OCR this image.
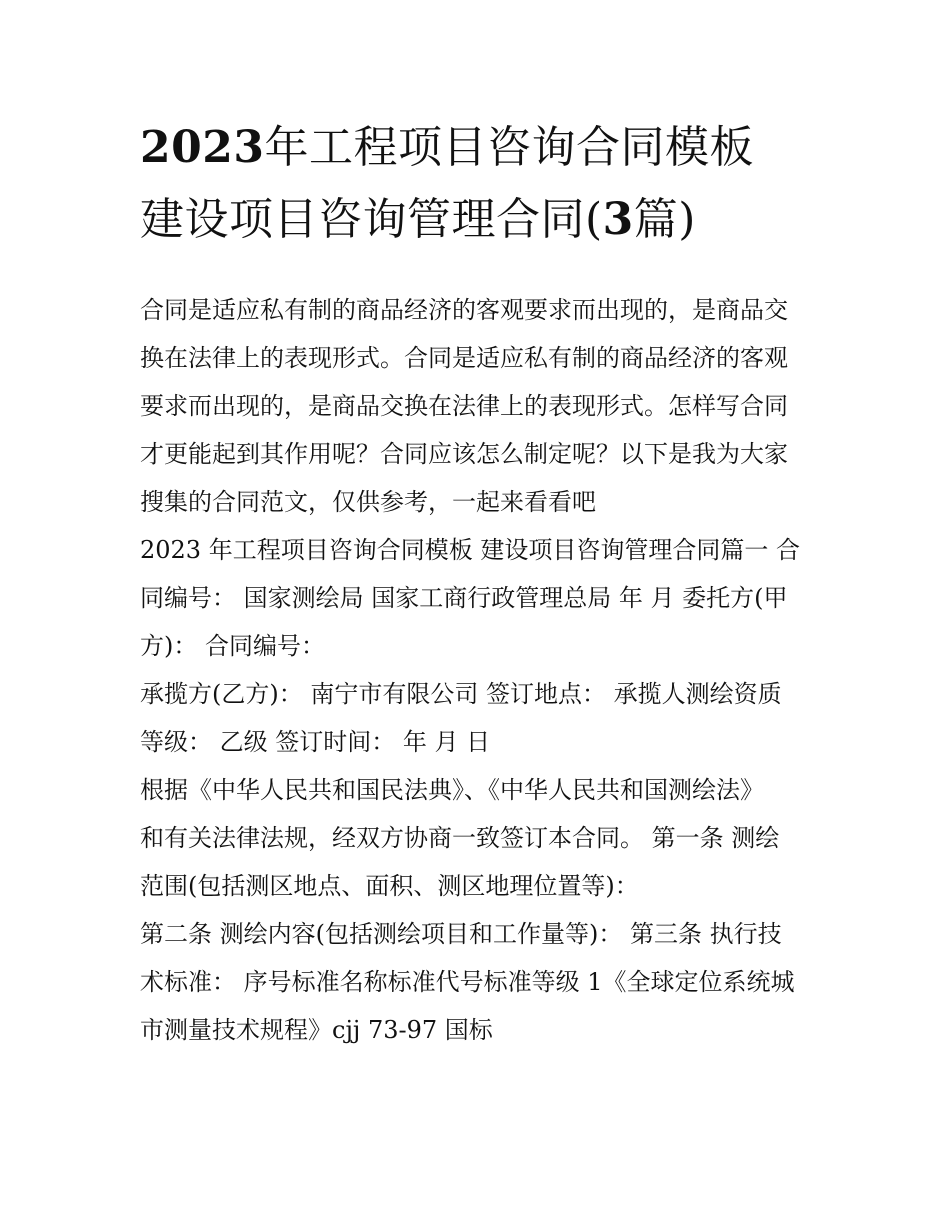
2023年工程项目咨询合同模板
建设项目咨询管理合同(3篇)
合同是适应私有制的商品经济的客观要求而出现的，是商品交
换在法律上的表现形式。合同是适应私有制的商品经济的客观
要求而出现的，是商品交换在法律上的表现形式。怎样写合同
才更能起到其作用呢？合同应该怎么制定呢？以下是我为大家
搜集的合同范文，仅供参考，一起来看看吧
2023 年工程项目咨询合同模板 建设项目咨询管理合同篇一 合
同编号： 国家测绘局 国家工商行政管理总局 年 月 委托方(甲
方)： 合同编号：
承揽方(乙方)： 南宁市有限公司 签订地点： 承揽人测绘资质
等级： 乙级 签订时间： 年 月 日
根据《中华人民共和国民法典》、《中华人民共和国测绘法》
和有关法律法规，经双方协商一致签订本合同。 第一条 测绘
范围(包括测区地点、面积、测区地理位置等)：
第二条 测绘内容(包括测绘项目和工作量等)： 第三条 执行技
术标准： 序号标准名称标准代号标准等级 1《全球定位系统城
市测量技术规程》cjj 73-97 国标
